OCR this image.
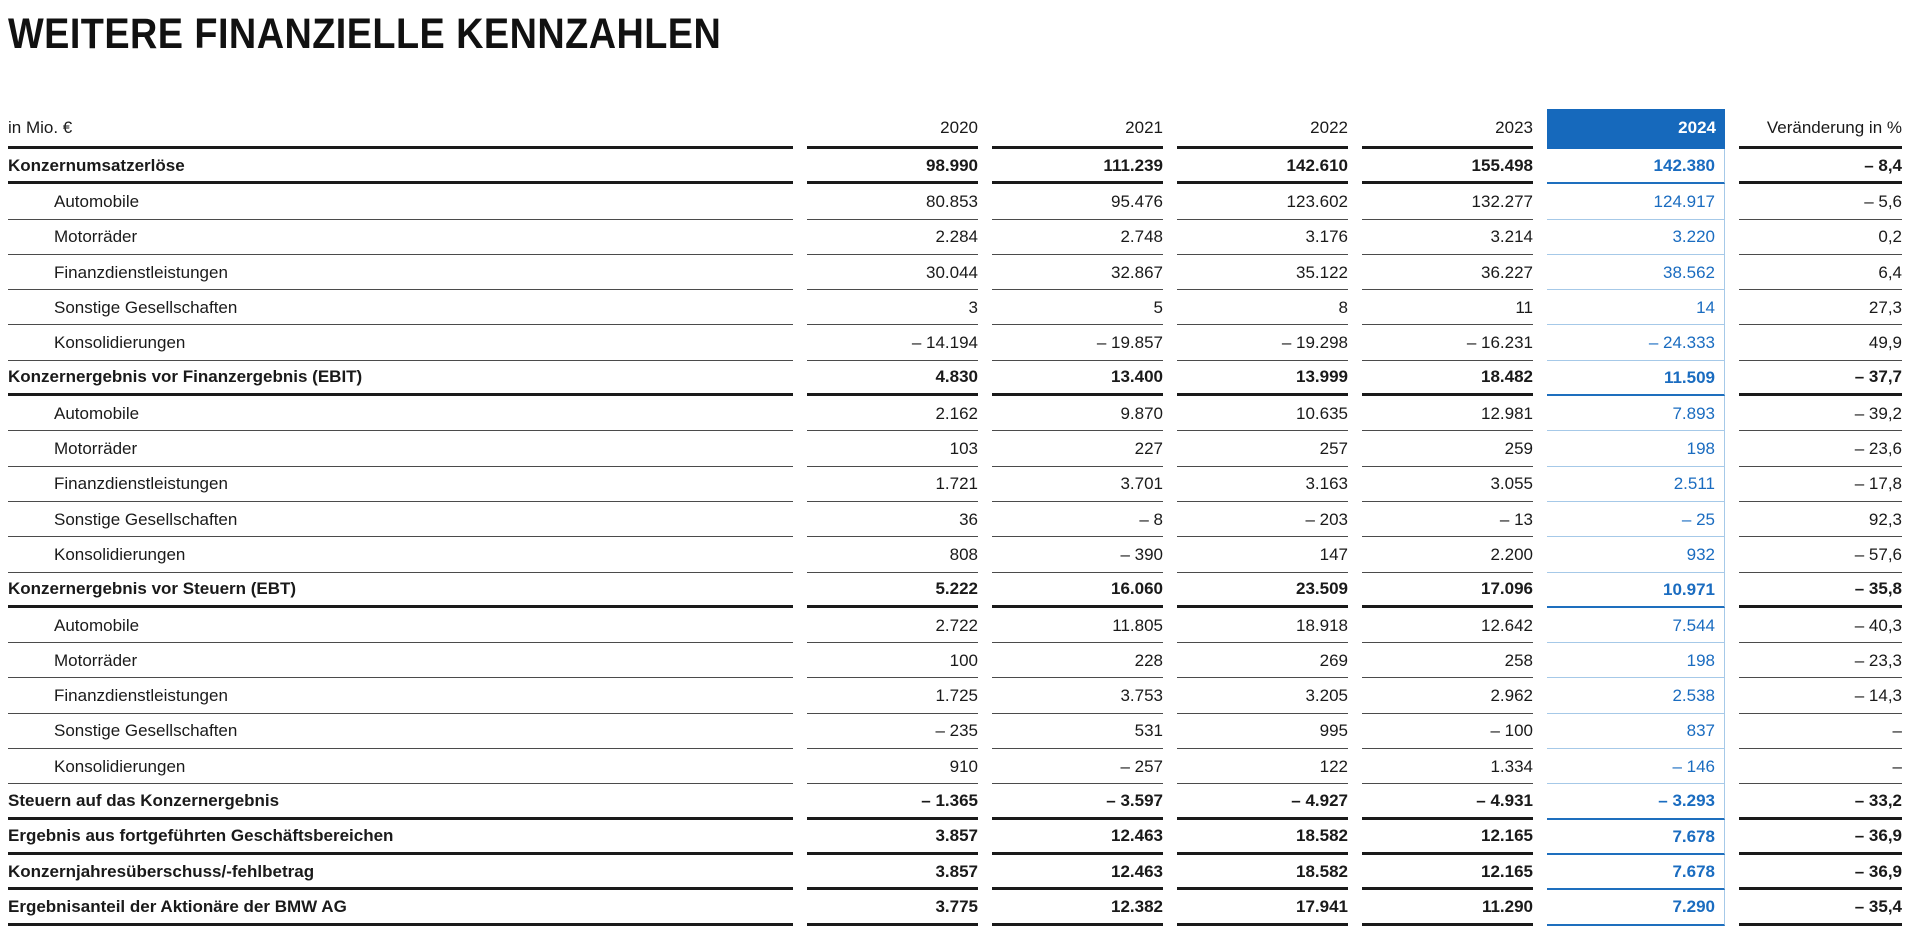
WEITERE FINANZIELLE KENNZAHLEN
in Mio. €	2020	2021	2022	2023	2024	Veränderung in %
Konzernumsatzerlöse	98.990	111.239	142.610	155.498	142.380	– 8,4
Automobile	80.853	95.476	123.602	132.277	124.917	– 5,6
Motorräder	2.284	2.748	3.176	3.214	3.220	0,2
Finanzdienstleistungen	30.044	32.867	35.122	36.227	38.562	6,4
Sonstige Gesellschaften	3	5	8	11	14	27,3
Konsolidierungen	– 14.194	– 19.857	– 19.298	– 16.231	– 24.333	49,9
Konzernergebnis vor Finanzergebnis (EBIT)	4.830	13.400	13.999	18.482	11.509	– 37,7
Automobile	2.162	9.870	10.635	12.981	7.893	– 39,2
Motorräder	103	227	257	259	198	– 23,6
Finanzdienstleistungen	1.721	3.701	3.163	3.055	2.511	– 17,8
Sonstige Gesellschaften	36	– 8	– 203	– 13	– 25	92,3
Konsolidierungen	808	– 390	147	2.200	932	– 57,6
Konzernergebnis vor Steuern (EBT)	5.222	16.060	23.509	17.096	10.971	– 35,8
Automobile	2.722	11.805	18.918	12.642	7.544	– 40,3
Motorräder	100	228	269	258	198	– 23,3
Finanzdienstleistungen	1.725	3.753	3.205	2.962	2.538	– 14,3
Sonstige Gesellschaften	– 235	531	995	– 100	837	–
Konsolidierungen	910	– 257	122	1.334	– 146	–
Steuern auf das Konzernergebnis	– 1.365	– 3.597	– 4.927	– 4.931	– 3.293	– 33,2
Ergebnis aus fortgeführten Geschäftsbereichen	3.857	12.463	18.582	12.165	7.678	– 36,9
Konzernjahresüberschuss/-fehlbetrag	3.857	12.463	18.582	12.165	7.678	– 36,9
Ergebnisanteil der Aktionäre der BMW AG	3.775	12.382	17.941	11.290	7.290	– 35,4
